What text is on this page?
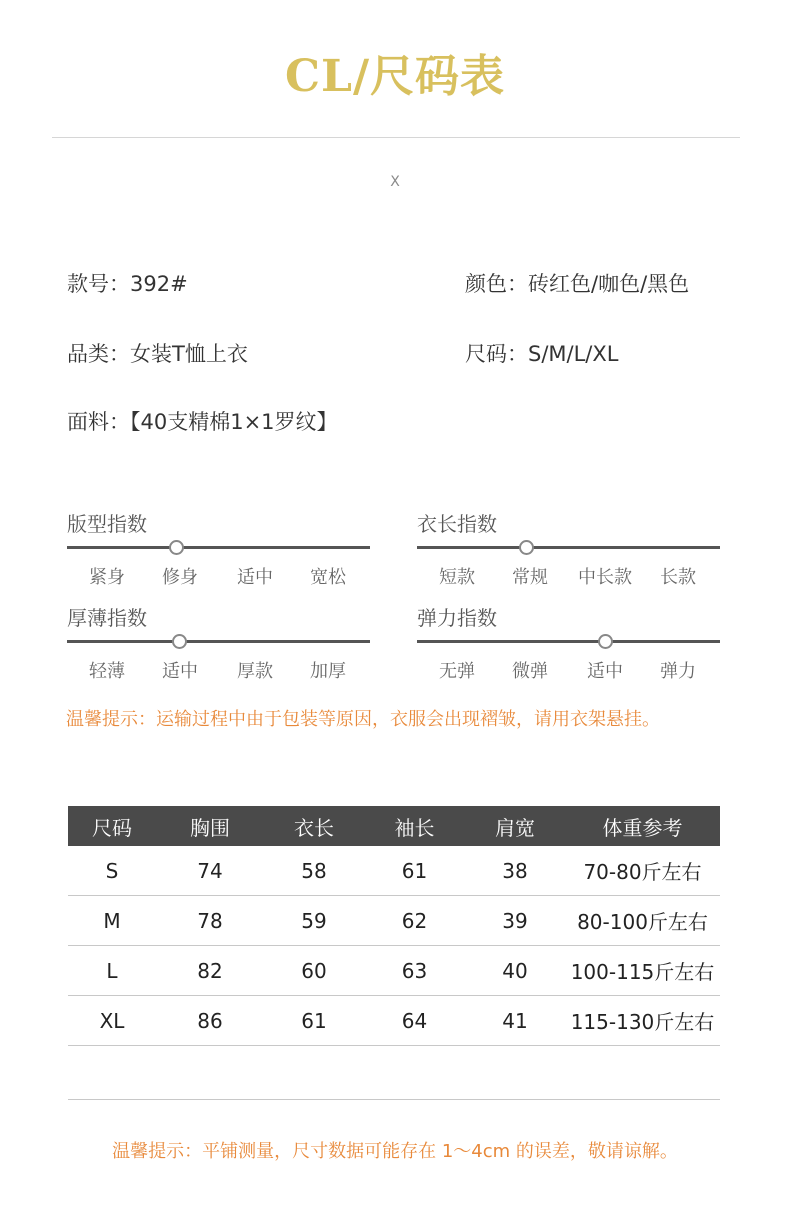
CL/尺码表
X
款号：392#	颜色：砖红色/咖色/黑色
品类：女装T恤上衣	尺码：S/M/L/XL
面料：【40支精棉1×1罗纹】
版型指数
紧身	修身	适中	宽松
衣长指数
短款	常规	中长款	长款
厚薄指数
轻薄	适中	厚款	加厚
弹力指数
无弹	微弹	适中	弹力
温馨提示：运输过程中由于包装等原因，衣服会出现褶皱，请用衣架悬挂。
尺码	胸围	衣长	袖长	肩宽	体重参考
S	74	58	61	38	70-80斤左右
M	78	59	62	39	80-100斤左右
L	82	60	63	40	100-115斤左右
XL	86	61	64	41	115-130斤左右
温馨提示：平铺测量，尺寸数据可能存在 1～4cm 的误差，敬请谅解。
